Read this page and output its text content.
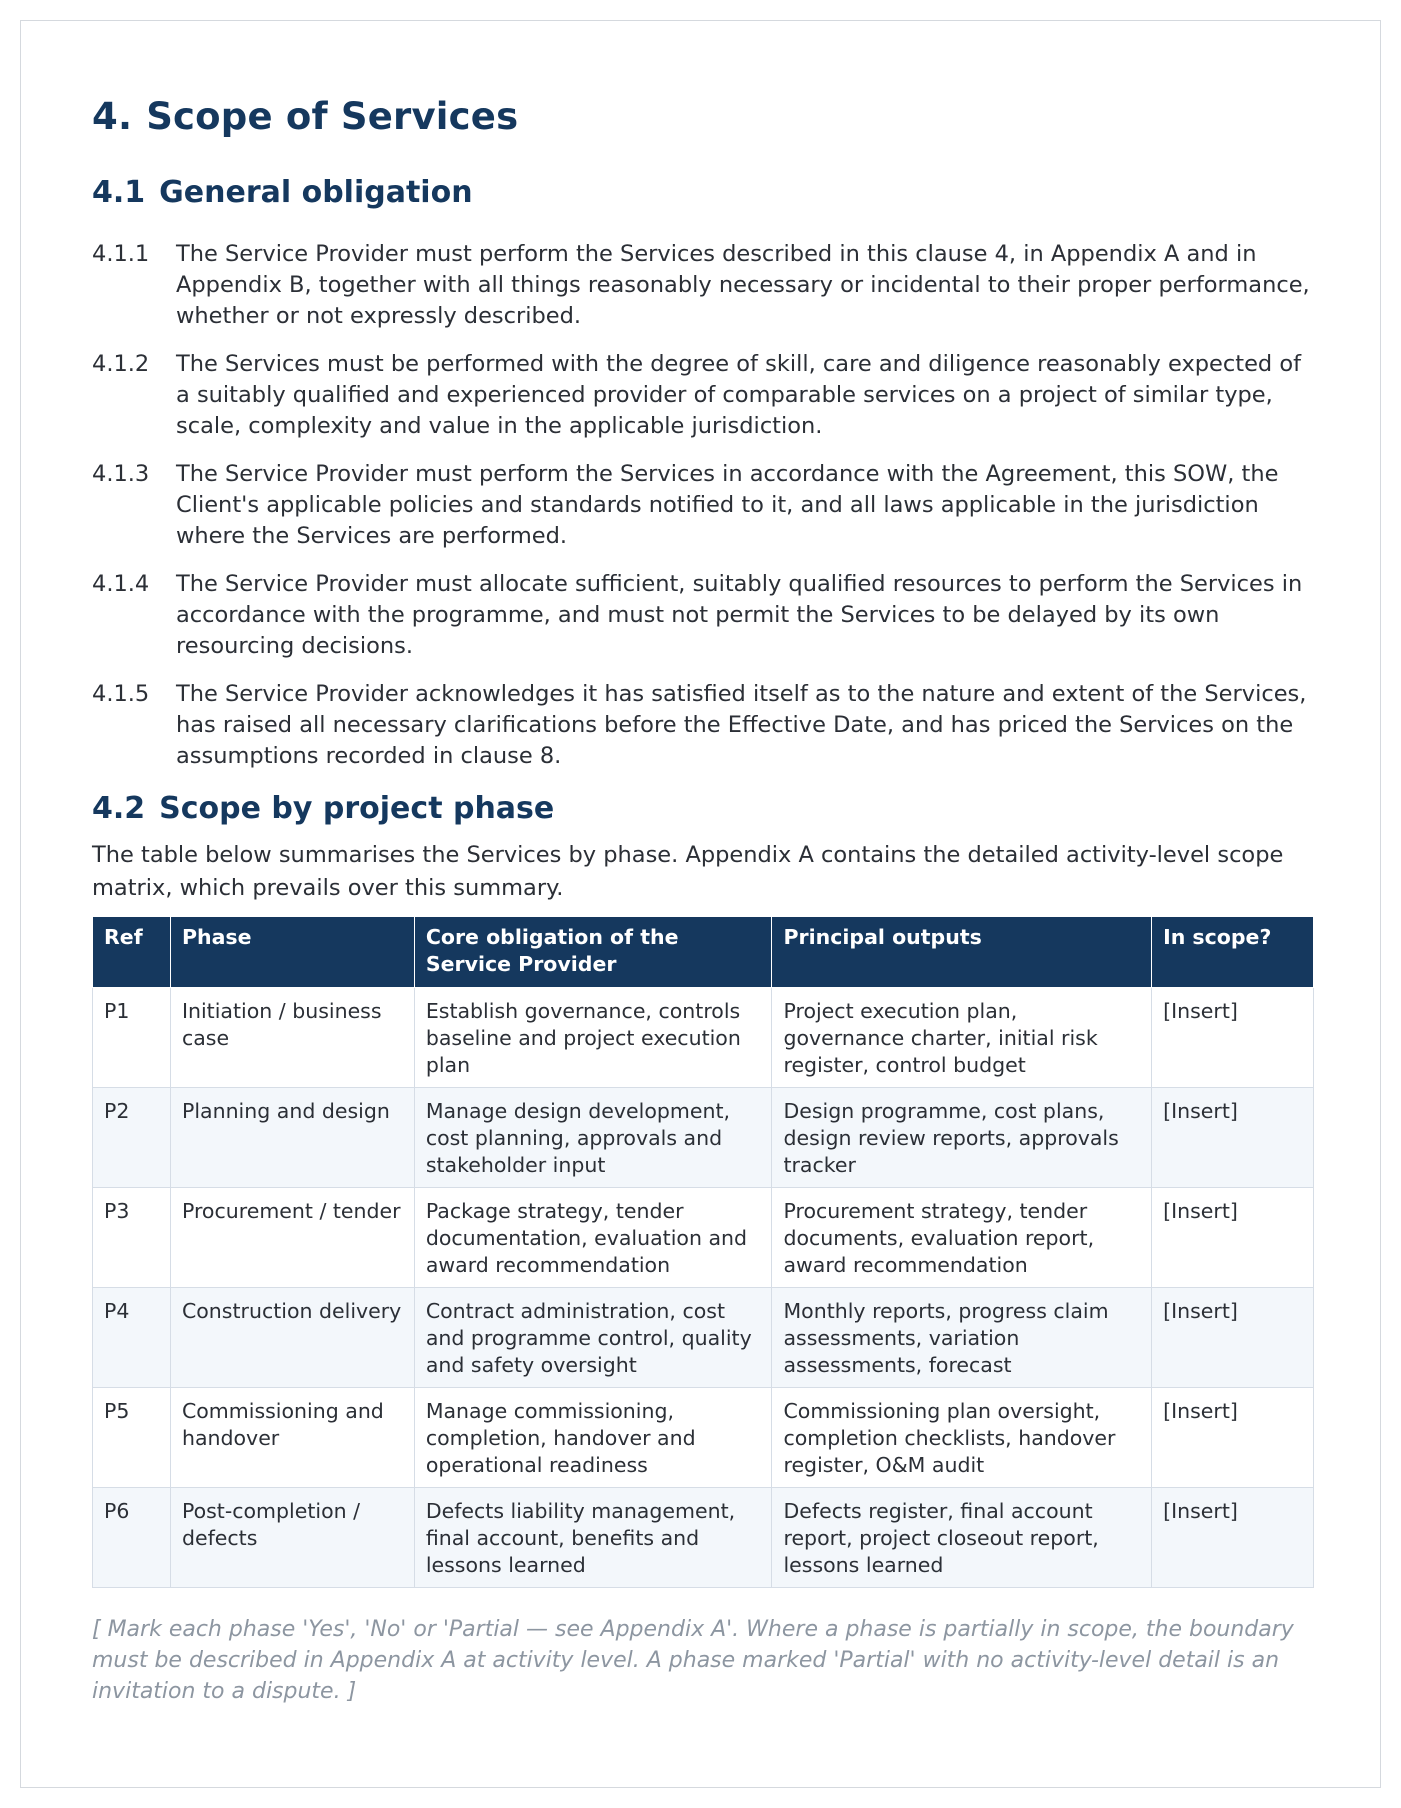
4. Scope of Services
4.1 General obligation
4.1.1	The Service Provider must perform the Services described in this clause 4, in Appendix A and in Appendix B, together with all things reasonably necessary or incidental to their proper performance, whether or not expressly described.
4.1.2	The Services must be performed with the degree of skill, care and diligence reasonably expected of a suitably qualified and experienced provider of comparable services on a project of similar type, scale, complexity and value in the applicable jurisdiction.
4.1.3	The Service Provider must perform the Services in accordance with the Agreement, this SOW, the Client's applicable policies and standards notified to it, and all laws applicable in the jurisdiction where the Services are performed.
4.1.4	The Service Provider must allocate sufficient, suitably qualified resources to perform the Services in accordance with the programme, and must not permit the Services to be delayed by its own resourcing decisions.
4.1.5	The Service Provider acknowledges it has satisfied itself as to the nature and extent of the Services, has raised all necessary clarifications before the Effective Date, and has priced the Services on the assumptions recorded in clause 8.
4.2 Scope by project phase

The table below summarises the Services by phase. Appendix A contains the detailed activity-level scope matrix, which prevails over this summary.

Ref	Phase	Core obligation of the Service Provider	Principal outputs	In scope?
P1	Initiation / business case	Establish governance, controls baseline and project execution plan	Project execution plan, governance charter, initial risk register, control budget	[Insert]
P2	Planning and design	Manage design development, cost planning, approvals and stakeholder input	Design programme, cost plans, design review reports, approvals tracker	[Insert]
P3	Procurement / tender	Package strategy, tender documentation, evaluation and award recommendation	Procurement strategy, tender documents, evaluation report, award recommendation	[Insert]
P4	Construction delivery	Contract administration, cost and programme control, quality and safety oversight	Monthly reports, progress claim assessments, variation assessments, forecast	[Insert]
P5	Commissioning and handover	Manage commissioning, completion, handover and operational readiness	Commissioning plan oversight, completion checklists, handover register, O&M audit	[Insert]
P6	Post-completion / defects	Defects liability management, final account, benefits and lessons learned	Defects register, final account report, project closeout report, lessons learned	[Insert]

[ Mark each phase 'Yes', 'No' or 'Partial — see Appendix A'. Where a phase is partially in scope, the boundary must be described in Appendix A at activity level. A phase marked 'Partial' with no activity-level detail is an invitation to a dispute. ]
